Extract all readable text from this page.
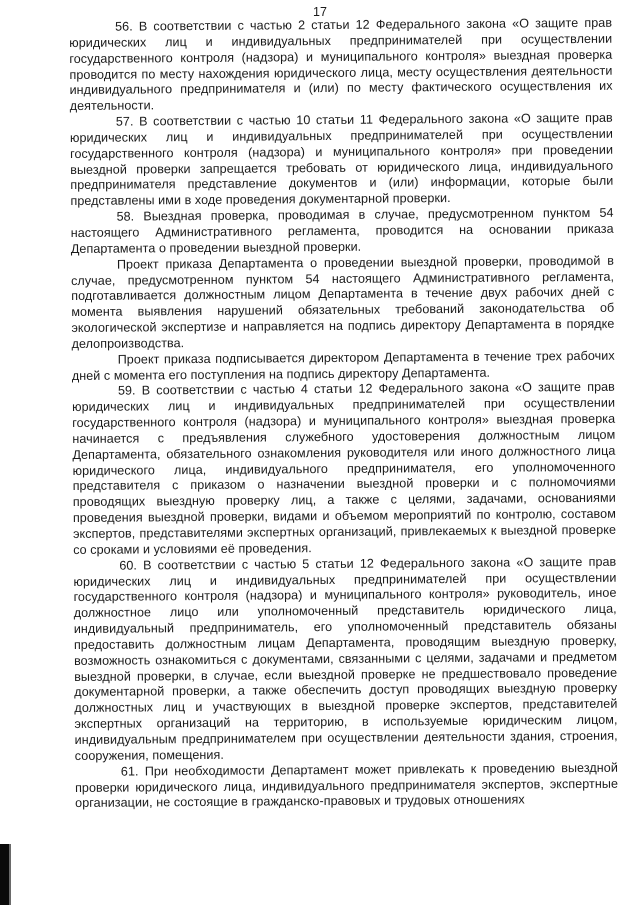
17

56. В соответствии с частью 2 статьи 12 Федерального закона «О защите прав юридических лиц и индивидуальных предпринимателей при осуществлении государственного контроля (надзора) и муниципального контроля» выездная проверка проводится по месту нахождения юридического лица, месту осуществления деятельности индивидуального предпринимателя и (или) по месту фактического осуществления их деятельности.

57. В соответствии с частью 10 статьи 11 Федерального закона «О защите прав юридических лиц и индивидуальных предпринимателей при осуществлении государственного контроля (надзора) и муниципального контроля» при проведении выездной проверки запрещается требовать от юридического лица, индивидуального предпринимателя представление документов и (или) информации, которые были представлены ими в ходе проведения документарной проверки.

58. Выездная проверка, проводимая в случае, предусмотренном пунктом 54 настоящего Административного регламента, проводится на основании приказа Департамента о проведении выездной проверки.

Проект приказа Департамента о проведении выездной проверки, проводимой в случае, предусмотренном пунктом 54 настоящего Административного регламента, подготавливается должностным лицом Департамента в течение двух рабочих дней с момента выявления нарушений обязательных требований законодательства об экологической экспертизе и направляется на подпись директору Департамента в порядке делопроизводства.

Проект приказа подписывается директором Департамента в течение трех рабочих дней с момента его поступления на подпись директору Департамента.

59. В соответствии с частью 4 статьи 12 Федерального закона «О защите прав юридических лиц и индивидуальных предпринимателей при осуществлении государственного контроля (надзора) и муниципального контроля» выездная проверка начинается с предъявления служебного удостоверения должностным лицом Департамента, обязательного ознакомления руководителя или иного должностного лица юридического лица, индивидуального предпринимателя, его уполномоченного представителя с приказом о назначении выездной проверки и с полномочиями проводящих выездную проверку лиц, а также с целями, задачами, основаниями проведения выездной проверки, видами и объемом мероприятий по контролю, составом экспертов, представителями экспертных организаций, привлекаемых к выездной проверке со сроками и условиями её проведения.

60. В соответствии с частью 5 статьи 12 Федерального закона «О защите прав юридических лиц и индивидуальных предпринимателей при осуществлении государственного контроля (надзора) и муниципального контроля» руководитель, иное должностное лицо или уполномоченный представитель юридического лица, индивидуальный предприниматель, его уполномоченный представитель обязаны предоставить должностным лицам Департамента, проводящим выездную проверку, возможность ознакомиться с документами, связанными с целями, задачами и предметом выездной проверки, в случае, если выездной проверке не предшествовало проведение документарной проверки, а также обеспечить доступ проводящих выездную проверку должностных лиц и участвующих в выездной проверке экспертов, представителей экспертных организаций на территорию, в используемые юридическим лицом, индивидуальным предпринимателем при осуществлении деятельности здания, строения, сооружения, помещения.

61. При необходимости Департамент может привлекать к проведению выездной проверки юридического лица, индивидуального предпринимателя экспертов, экспертные организации, не состоящие в гражданско-правовых и трудовых отношениях
